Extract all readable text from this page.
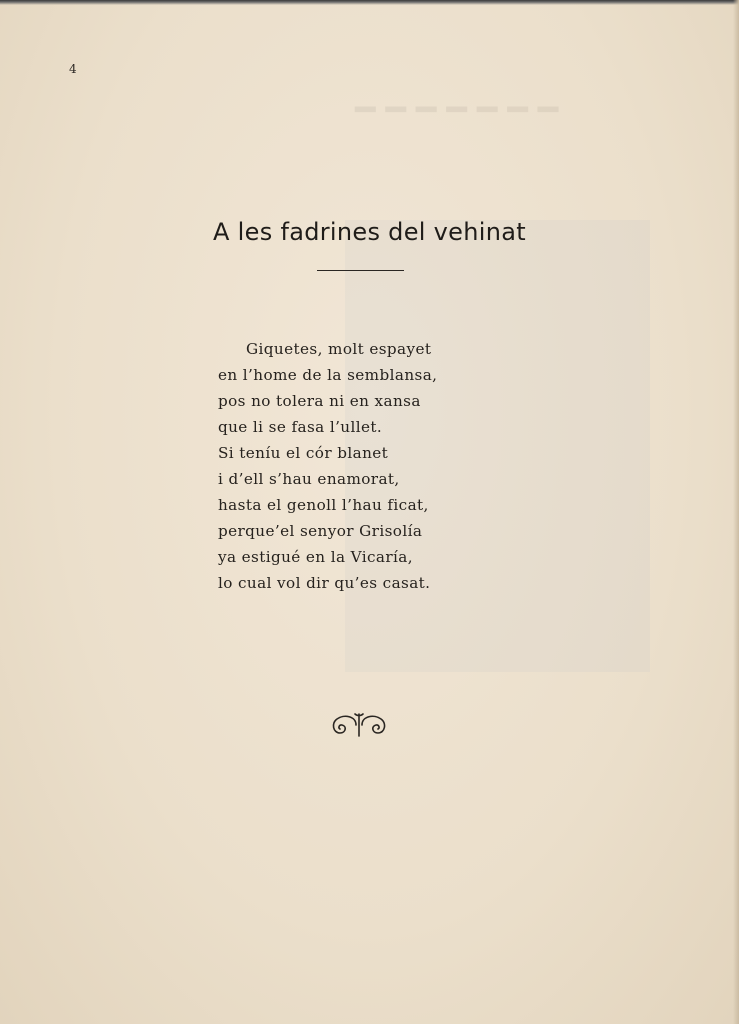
━━━━━━━
4
A les fadrines del vehinat
Giquetes, molt espayet
en l’home de la semblansa,
pos no tolera ni en xansa
que li se fasa l’ullet.
Si teníu el cór blanet
i d’ell s’hau enamorat,
hasta el genoll l’hau ficat,
perque’el senyor Grisolía
ya estigué en la Vicaría,
lo cual vol dir qu’es casat.
